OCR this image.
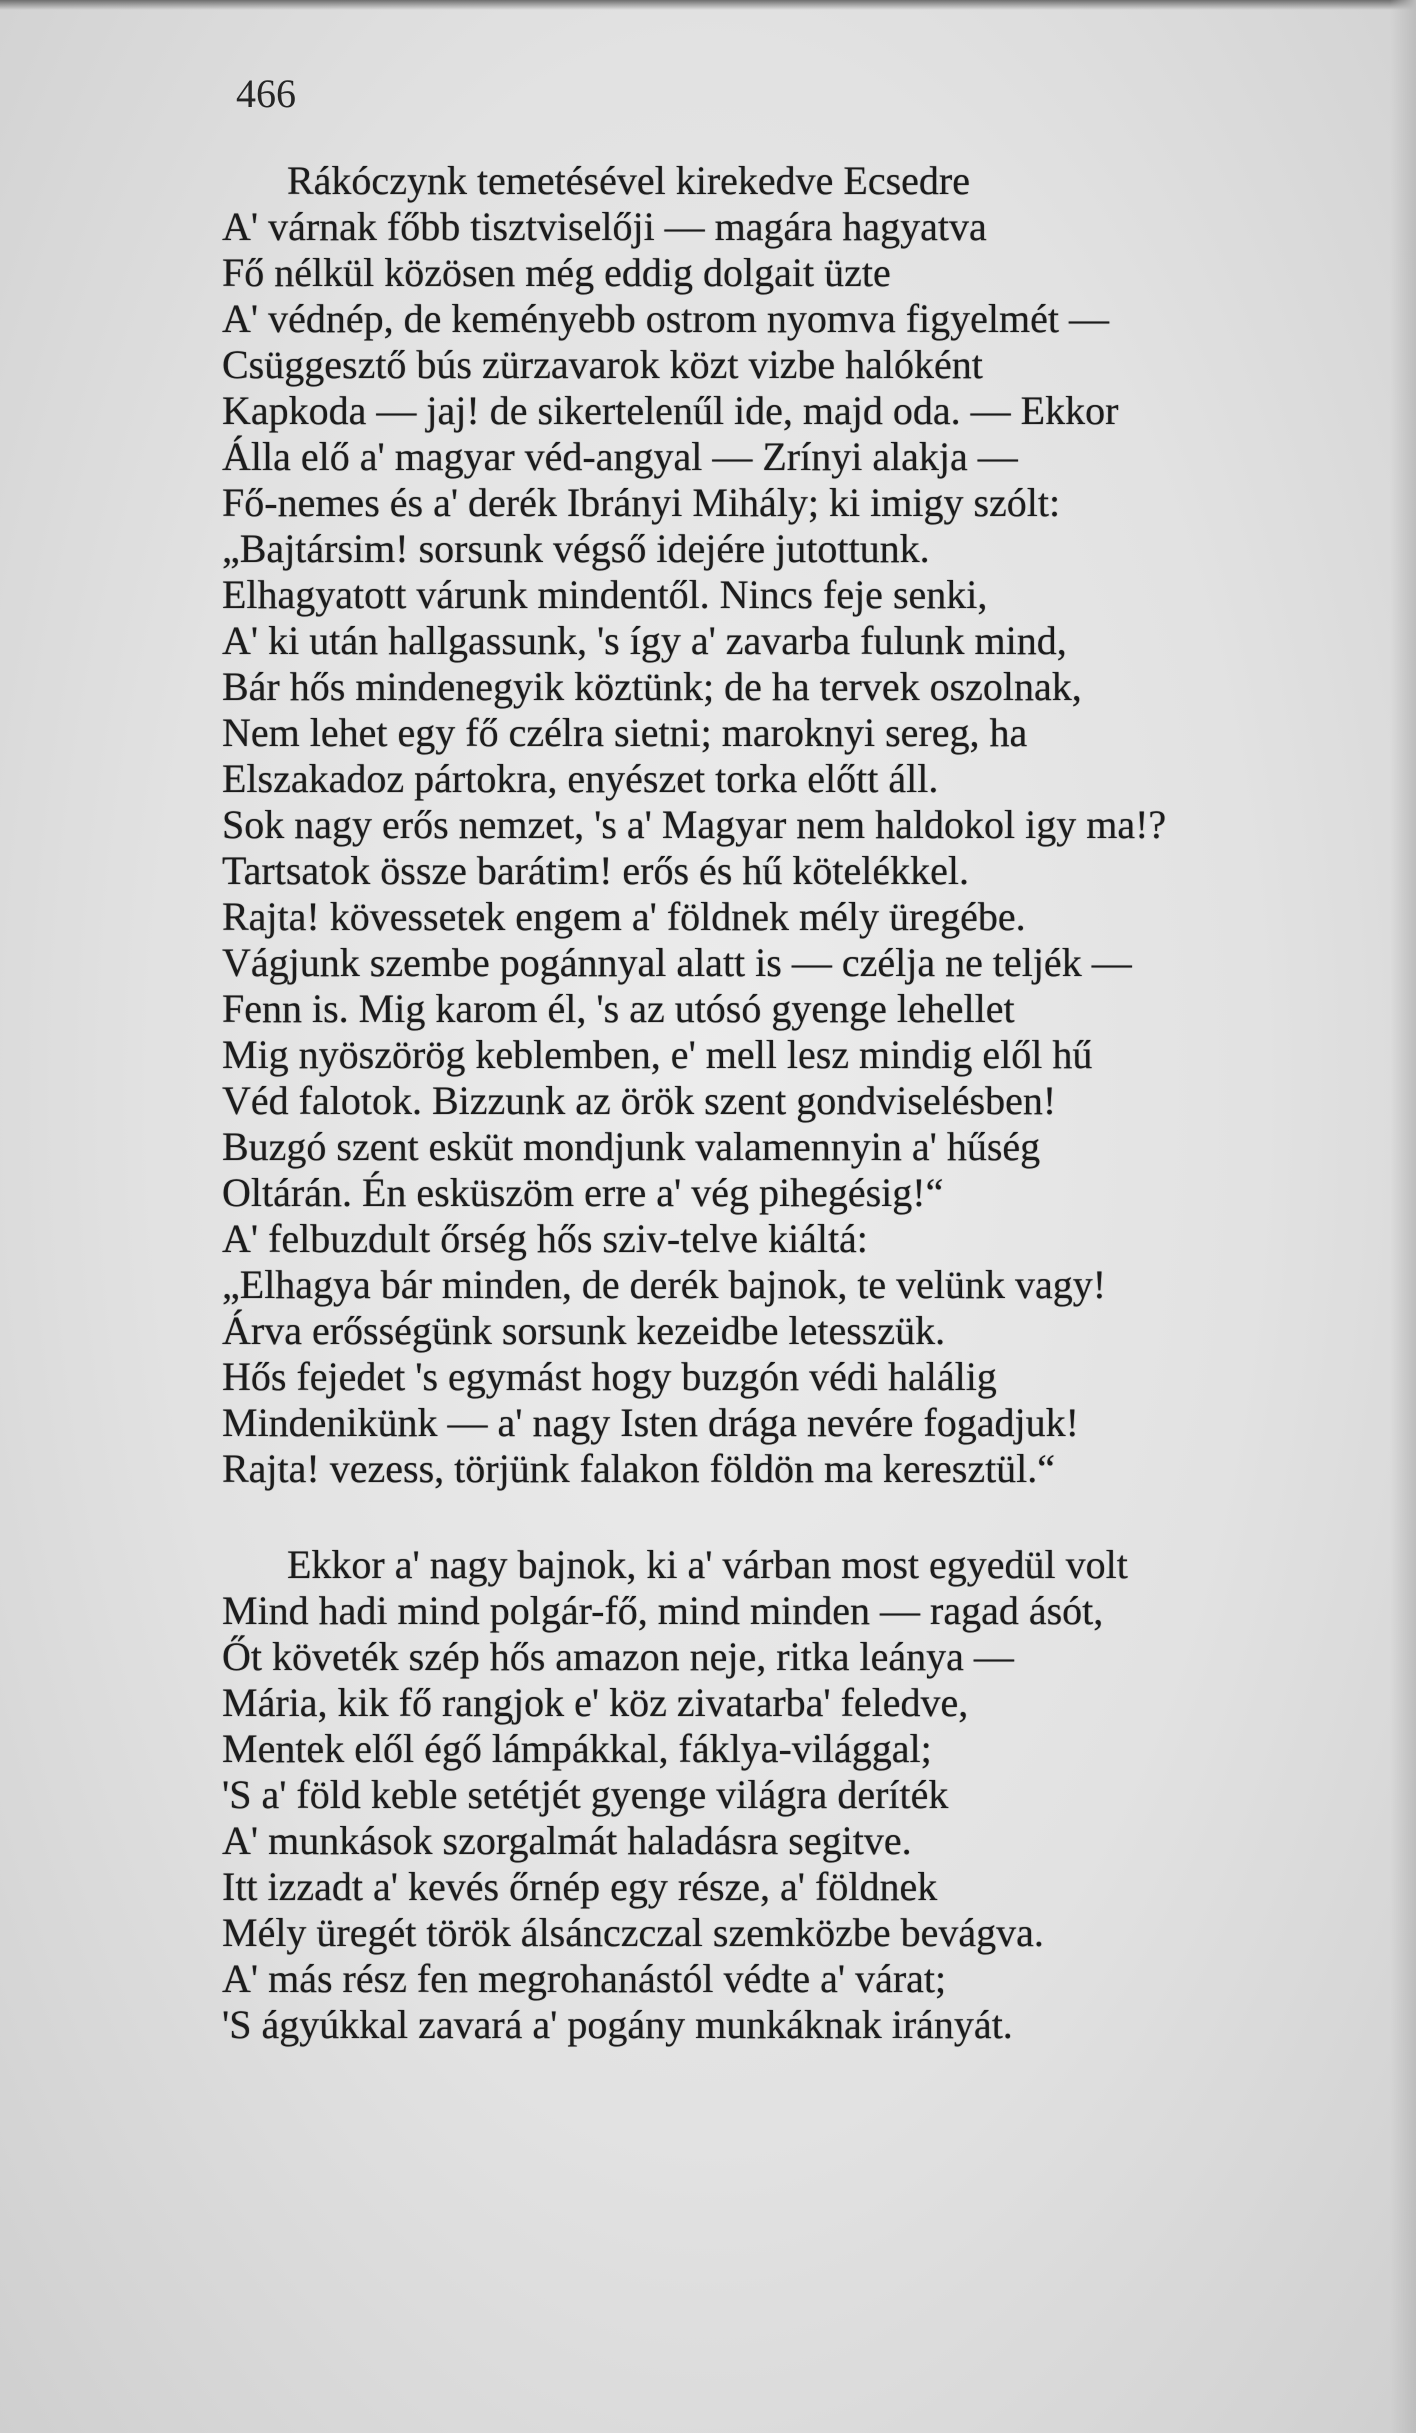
466
Rákóczynk temetésével kirekedve Ecsedre
A' várnak főbb tisztviselőji — magára hagyatva
Fő nélkül közösen még eddig dolgait üzte
A' védnép, de keményebb ostrom nyomva figyelmét —
Csüggesztő bús zürzavarok közt vizbe halóként
Kapkoda — jaj! de sikertelenűl ide, majd oda. — Ekkor
Álla elő a' magyar véd-angyal — Zrínyi alakja —
Fő-nemes és a' derék Ibrányi Mihály; ki imigy szólt:
„Bajtársim! sorsunk végső idejére jutottunk.
Elhagyatott várunk mindentől. Nincs feje senki,
A' ki után hallgassunk, 's így a' zavarba fulunk mind,
Bár hős mindenegyik köztünk; de ha tervek oszolnak,
Nem lehet egy fő czélra sietni; maroknyi sereg, ha
Elszakadoz pártokra, enyészet torka előtt áll.
Sok nagy erős nemzet, 's a' Magyar nem haldokol igy ma!?
Tartsatok össze barátim! erős és hű kötelékkel.
Rajta! kövessetek engem a' földnek mély üregébe.
Vágjunk szembe pogánnyal alatt is — czélja ne teljék —
Fenn is. Mig karom él, 's az utósó gyenge lehellet
Mig nyöszörög keblemben, e' mell lesz mindig elől hű
Véd falotok. Bizzunk az örök szent gondviselésben!
Buzgó szent esküt mondjunk valamennyin a' hűség
Oltárán. Én esküszöm erre a' vég pihegésig!“
A' felbuzdult őrség hős sziv-telve kiáltá:
„Elhagya bár minden, de derék bajnok, te velünk vagy!
Árva erősségünk sorsunk kezeidbe letesszük.
Hős fejedet 's egymást hogy buzgón védi halálig
Mindenikünk — a' nagy Isten drága nevére fogadjuk!
Rajta! vezess, törjünk falakon földön ma keresztül.“
Ekkor a' nagy bajnok, ki a' várban most egyedül volt
Mind hadi mind polgár-fő, mind minden — ragad ásót,
Őt követék szép hős amazon neje, ritka leánya —
Mária, kik fő rangjok e' köz zivatarba' feledve,
Mentek elől égő lámpákkal, fáklya-világgal;
'S a' föld keble setétjét gyenge világra deríték
A' munkások szorgalmát haladásra segitve.
Itt izzadt a' kevés őrnép egy része, a' földnek
Mély üregét török álsánczczal szemközbe bevágva.
A' más rész fen megrohanástól védte a' várat;
'S ágyúkkal zavará a' pogány munkáknak irányát.
